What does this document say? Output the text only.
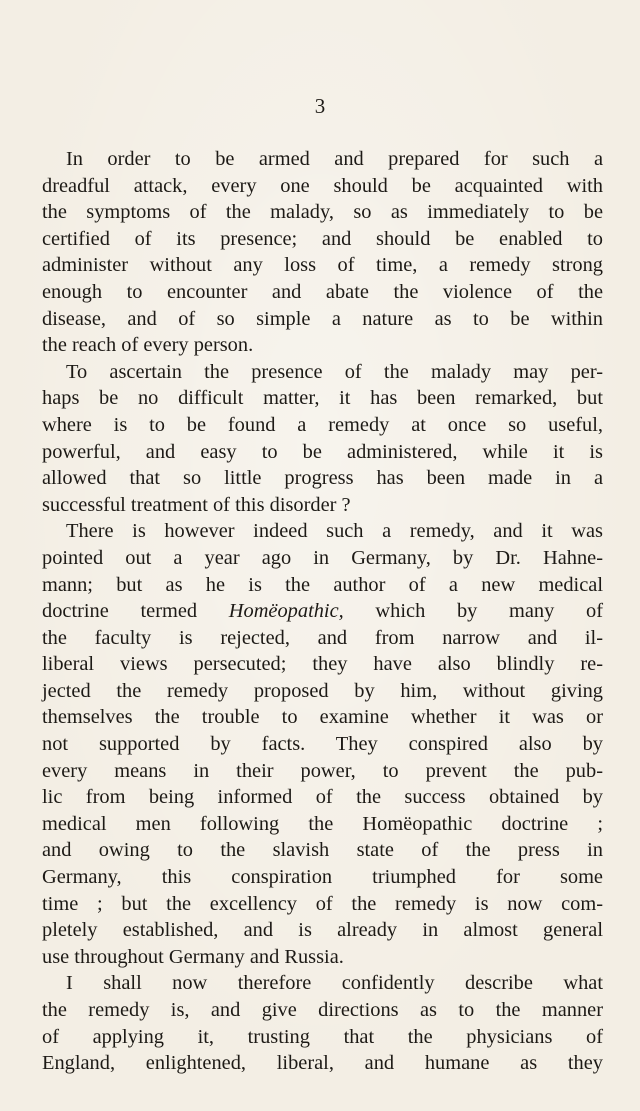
3
In order to be armed and prepared for such a
dreadful attack, every one should be acquainted with
the symptoms of the malady, so as immediately to be
certified of its presence; and should be enabled to
administer without any loss of time, a remedy strong
enough to encounter and abate the violence of the
disease, and of so simple a nature as to be within
the reach of every person.
To ascertain the presence of the malady may per-
haps be no difficult matter, it has been remarked, but
where is to be found a remedy at once so useful,
powerful, and easy to be administered, while it is
allowed that so little progress has been made in a
successful treatment of this disorder ?
There is however indeed such a remedy, and it was
pointed out a year ago in Germany, by Dr. Hahne-
mann; but as he is the author of a new medical
doctrine termed Homëopathic, which by many of
the faculty is rejected, and from narrow and il-
liberal views persecuted; they have also blindly re-
jected the remedy proposed by him, without giving
themselves the trouble to examine whether it was or
not supported by facts. They conspired also by
every means in their power, to prevent the pub-
lic from being informed of the success obtained by
medical men following the Homëopathic doctrine ;
and owing to the slavish state of the press in
Germany, this conspiration triumphed for some
time ; but the excellency of the remedy is now com-
pletely established, and is already in almost general
use throughout Germany and Russia.
I shall now therefore confidently describe what
the remedy is, and give directions as to the manner
of applying it, trusting that the physicians of
England, enlightened, liberal, and humane as they
